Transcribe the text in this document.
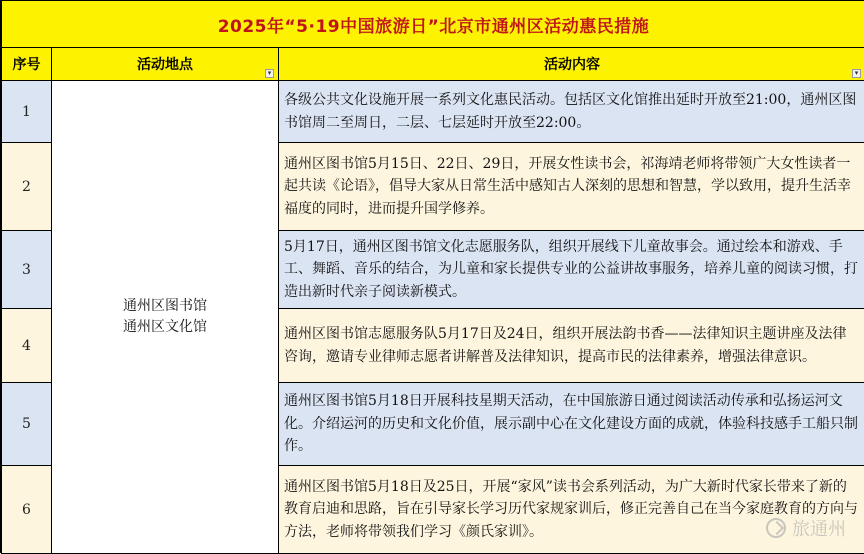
2025年“5·19中国旅游日”北京市通州区活动惠民措施		
序号	活动地点 ▾	活动内容 ▾

1	通州区图书馆
通州区文化馆	各级公共文化设施开展一系列文化惠民活动。包括区文化馆推出延时开放至21:00，通州区图书馆周二至周日，二层、七层延时开放至22:00。
2		通州区图书馆5月15日、22日、29日，开展女性读书会，祁海靖老师将带领广大女性读者一起共读《论语》，倡导大家从日常生活中感知古人深刻的思想和智慧，学以致用，提升生活幸福度的同时，进而提升国学修养。
3		5月17日，通州区图书馆文化志愿服务队，组织开展线下儿童故事会。通过绘本和游戏、手工、舞蹈、音乐的结合，为儿童和家长提供专业的公益讲故事服务，培养儿童的阅读习惯，打造出新时代亲子阅读新模式。
4		通州区图书馆志愿服务队5月17日及24日，组织开展法韵书香——法律知识主题讲座及法律咨询，邀请专业律师志愿者讲解普及法律知识，提高市民的法律素养，增强法律意识。
5		通州区图书馆5月18日开展科技星期天活动，在中国旅游日通过阅读活动传承和弘扬运河文化。介绍运河的历史和文化价值，展示副中心在文化建设方面的成就，体验科技感手工船只制作。
6		通州区图书馆5月18日及25日，开展“家风”读书会系列活动，为广大新时代家长带来了新的教育启迪和思路，旨在引导家长学习历代家规家训后，修正完善自己在当今家庭教育的方向与方法，老师将带领我们学习《颜氏家训》。	旅通州
